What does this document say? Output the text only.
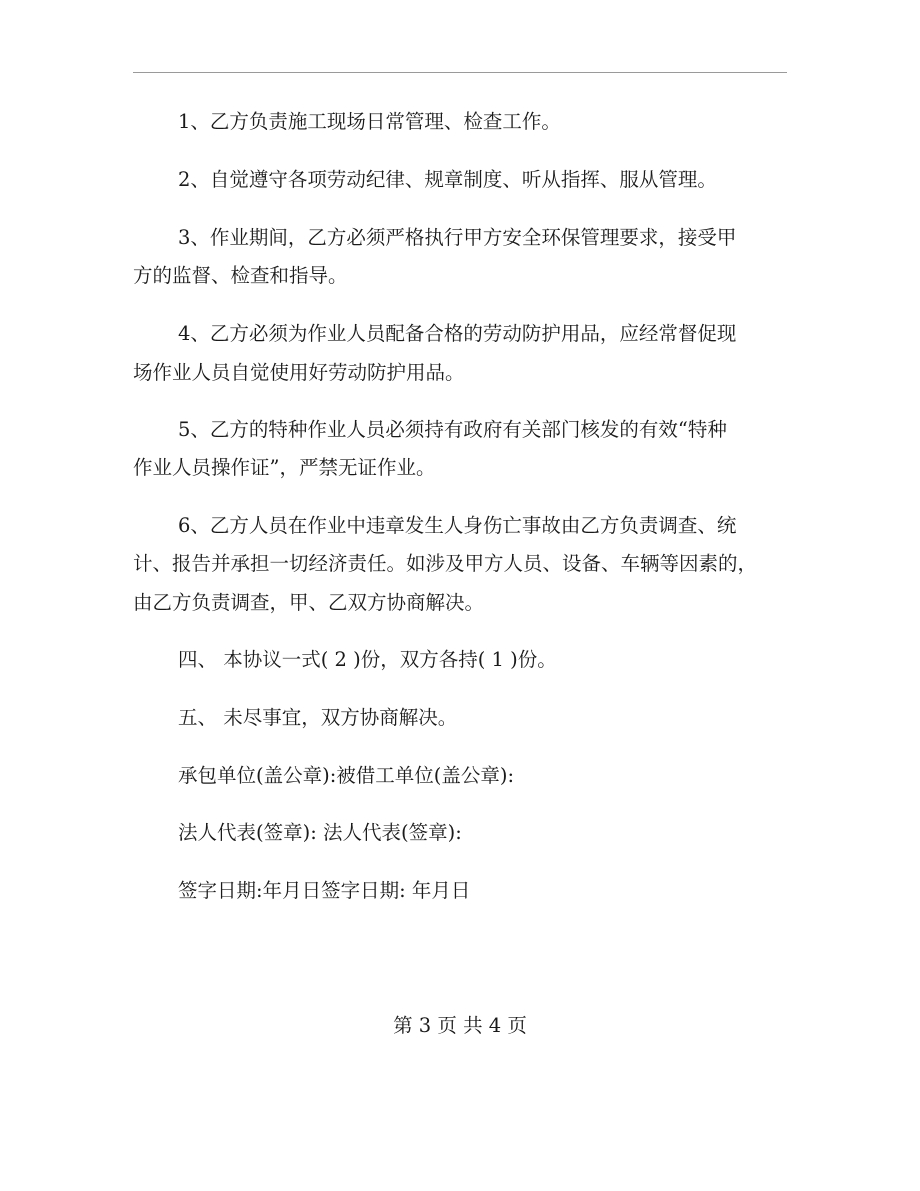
1、乙方负责施工现场日常管理、检查工作。
2、自觉遵守各项劳动纪律、规章制度、听从指挥、服从管理。
3、作业期间，乙方必须严格执行甲方安全环保管理要求，接受甲
方的监督、检查和指导。
4、乙方必须为作业人员配备合格的劳动防护用品，应经常督促现
场作业人员自觉使用好劳动防护用品。
5、乙方的特种作业人员必须持有政府有关部门核发的有效“特种
作业人员操作证”，严禁无证作业。
6、乙方人员在作业中违章发生人身伤亡事故由乙方负责调查、统
计、报告并承担一切经济责任。如涉及甲方人员、设备、车辆等因素的，
由乙方负责调查，甲、乙双方协商解决。
四、 本协议一式( 2 )份，双方各持( 1 )份。
五、 未尽事宜，双方协商解决。
承包单位(盖公章):被借工单位(盖公章):
法人代表(签章): 法人代表(签章):
签字日期:年月日签字日期: 年月日
第 3 页 共 4 页
